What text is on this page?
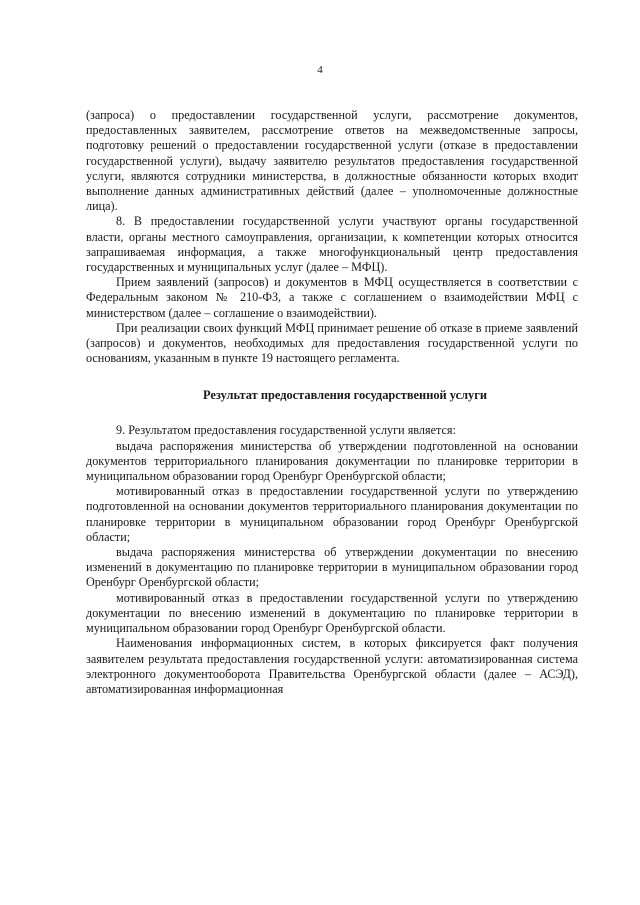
4

(запроса) о предоставлении государственной услуги, рассмотрение документов, предоставленных заявителем, рассмотрение ответов на межведомственные запросы, подготовку решений о предоставлении государственной услуги (отказе в предоставлении государственной услуги), выдачу заявителю результатов предоставления государственной услуги, являются сотрудники министерства, в должностные обязанности которых входит выполнение данных административных действий (далее – уполномоченные должностные лица).

8. В предоставлении государственной услуги участвуют органы государственной власти, органы местного самоуправления, организации, к компетенции которых относится запрашиваемая информация, а также многофункциональный центр предоставления государственных и муниципальных услуг (далее – МФЦ).

Прием заявлений (запросов) и документов в МФЦ осуществляется в соответствии с Федеральным законом № 210-ФЗ, а также с соглашением о взаимодействии МФЦ с министерством (далее – соглашение о взаимодействии).

При реализации своих функций МФЦ принимает решение об отказе в приеме заявлений (запросов) и документов, необходимых для предоставления государственной услуги по основаниям, указанным в пункте 19 настоящего регламента.

Результат предоставления государственной услуги

9. Результатом предоставления государственной услуги является:

выдача распоряжения министерства об утверждении подготовленной на основании документов территориального планирования документации по планировке территории в муниципальном образовании город Оренбург Оренбургской области;

мотивированный отказ в предоставлении государственной услуги по утверждению подготовленной на основании документов территориального планирования документации по планировке территории в муниципальном образовании город Оренбург Оренбургской области;

выдача распоряжения министерства об утверждении документации по внесению изменений в документацию по планировке территории в муниципальном образовании город Оренбург Оренбургской области;

мотивированный отказ в предоставлении государственной услуги по утверждению документации по внесению изменений в документацию по планировке территории в муниципальном образовании город Оренбург Оренбургской области.

Наименования информационных систем, в которых фиксируется факт получения заявителем результата предоставления государственной услуги: автоматизированная система электронного документооборота Правительства Оренбургской области (далее – АСЭД), автоматизированная информационная
